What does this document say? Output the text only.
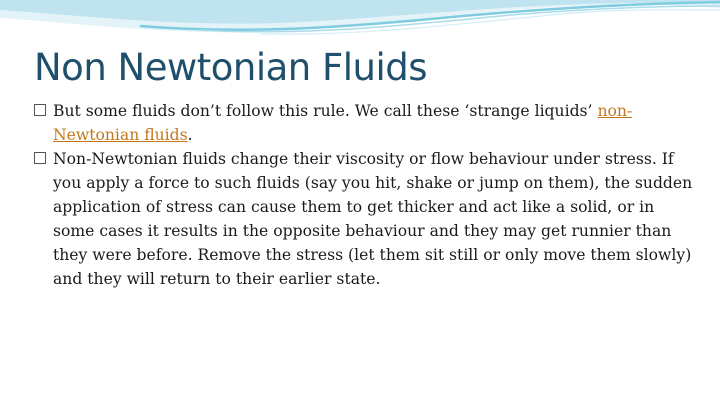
Non Newtonian Fluids

But some fluids don’t follow this rule. We call these ‘strange liquids’ non-Newtonian fluids.

Non-Newtonian fluids change their viscosity or flow behaviour under stress. If you apply a force to such fluids (say you hit, shake or jump on them), the sudden application of stress can cause them to get thicker and act like a solid, or in some cases it results in the opposite behaviour and they may get runnier than they were before. Remove the stress (let them sit still or only move them slowly) and they will return to their earlier state.
